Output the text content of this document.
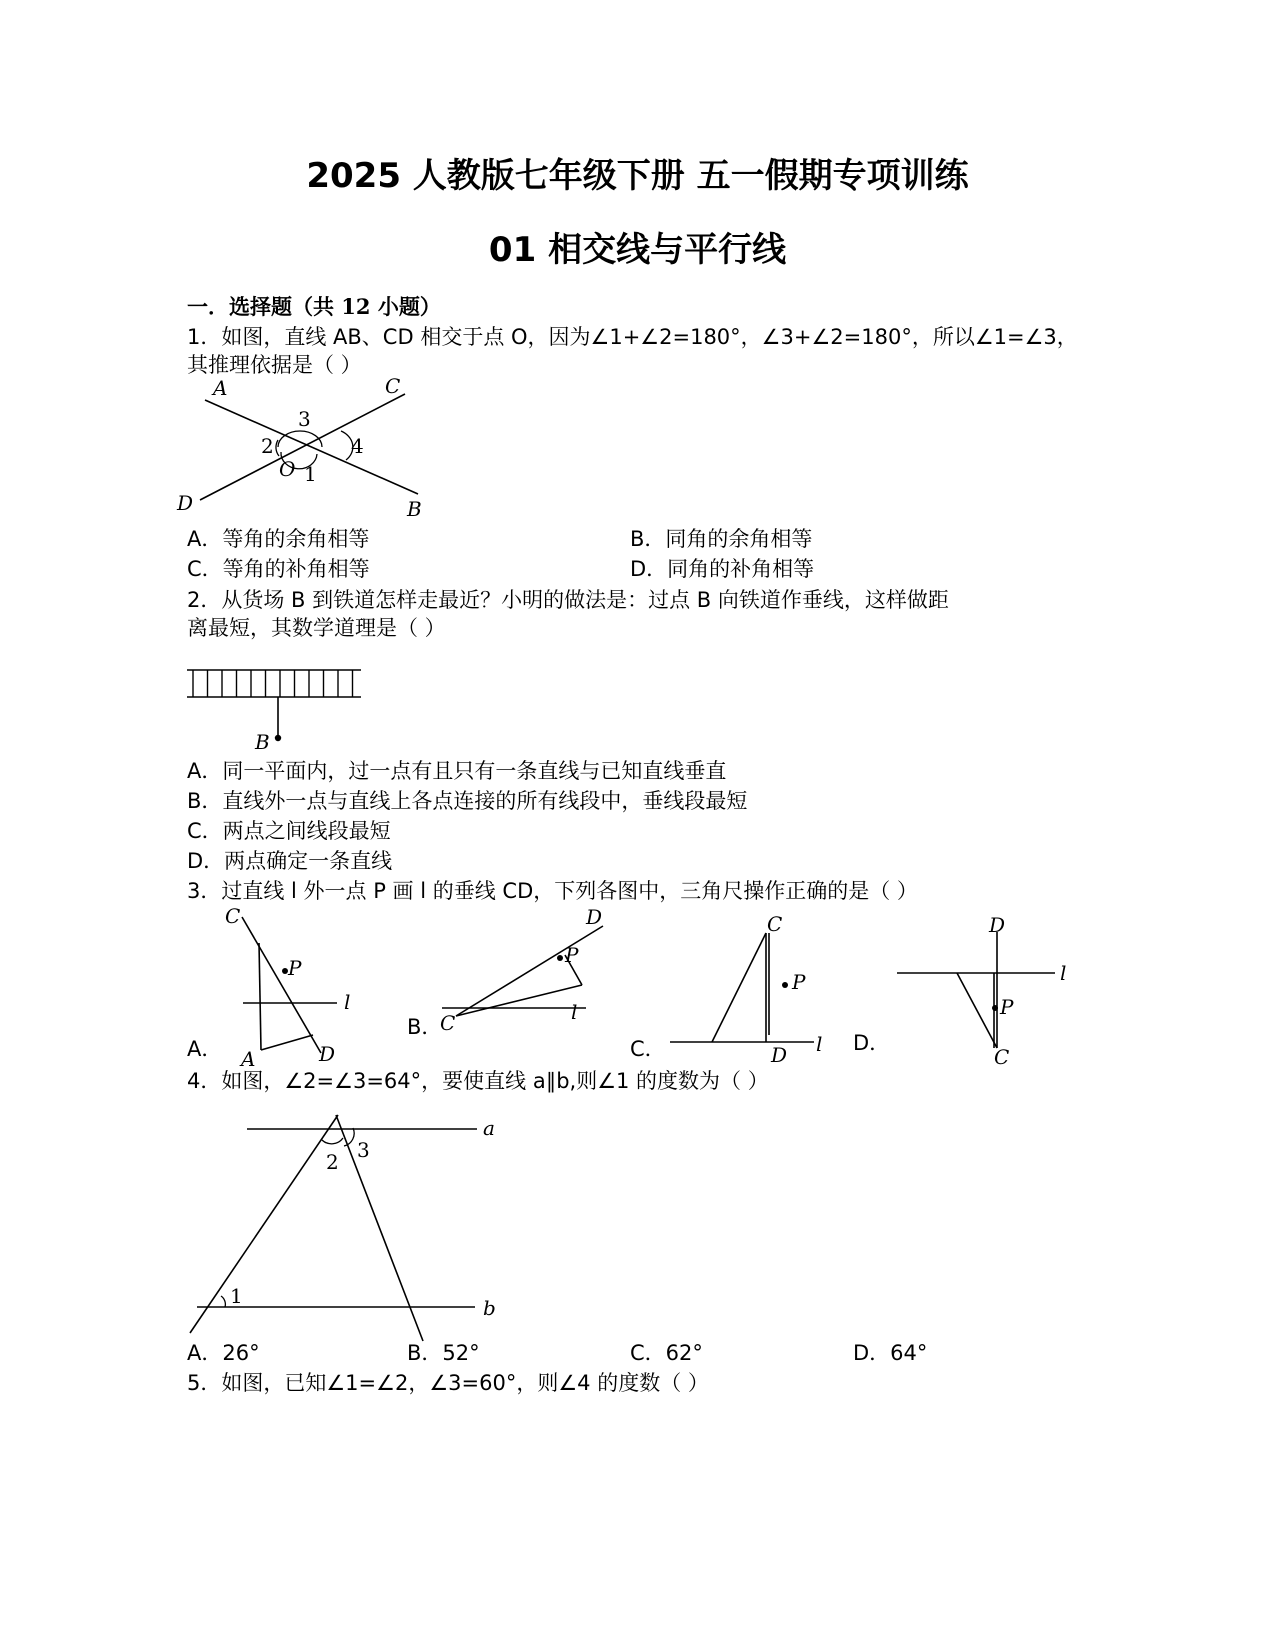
2025 人教版七年级下册 五一假期专项训练
01 相交线与平行线
一．选择题（共 12 小题）
1．如图，直线 AB、CD 相交于点 O，因为∠1+∠2=180°，∠3+∠2=180°，所以∠1=∠3，
其推理依据是（ ）
A	C
D	B
O
3
2	4
1
A．等角的余角相等	B．同角的余角相等
C．等角的补角相等	D．同角的补角相等
2．从货场 B 到铁道怎样走最近？小明的做法是：过点 B 向铁道作垂线，这样做距
离最短，其数学道理是（ ）
B
A．同一平面内，过一点有且只有一条直线与已知直线垂直
B．直线外一点与直线上各点连接的所有线段中，垂线段最短
C．两点之间线段最短
D．两点确定一条直线
3．过直线 l 外一点 P 画 l 的垂线 CD，下列各图中，三角尺操作正确的是（ ）
C
P
l
A	D
A．
D
P
C	l
B．
C
P
l
D
C．
D
l
P
C
D．
4．如图，∠2=∠3=64°，要使直线 a∥b,则∠1 的度数为（ ）
a
b
2 3
1
A．26°	B．52°	C．62°	D．64°
5．如图，已知∠1=∠2，∠3=60°，则∠4 的度数（ ）
